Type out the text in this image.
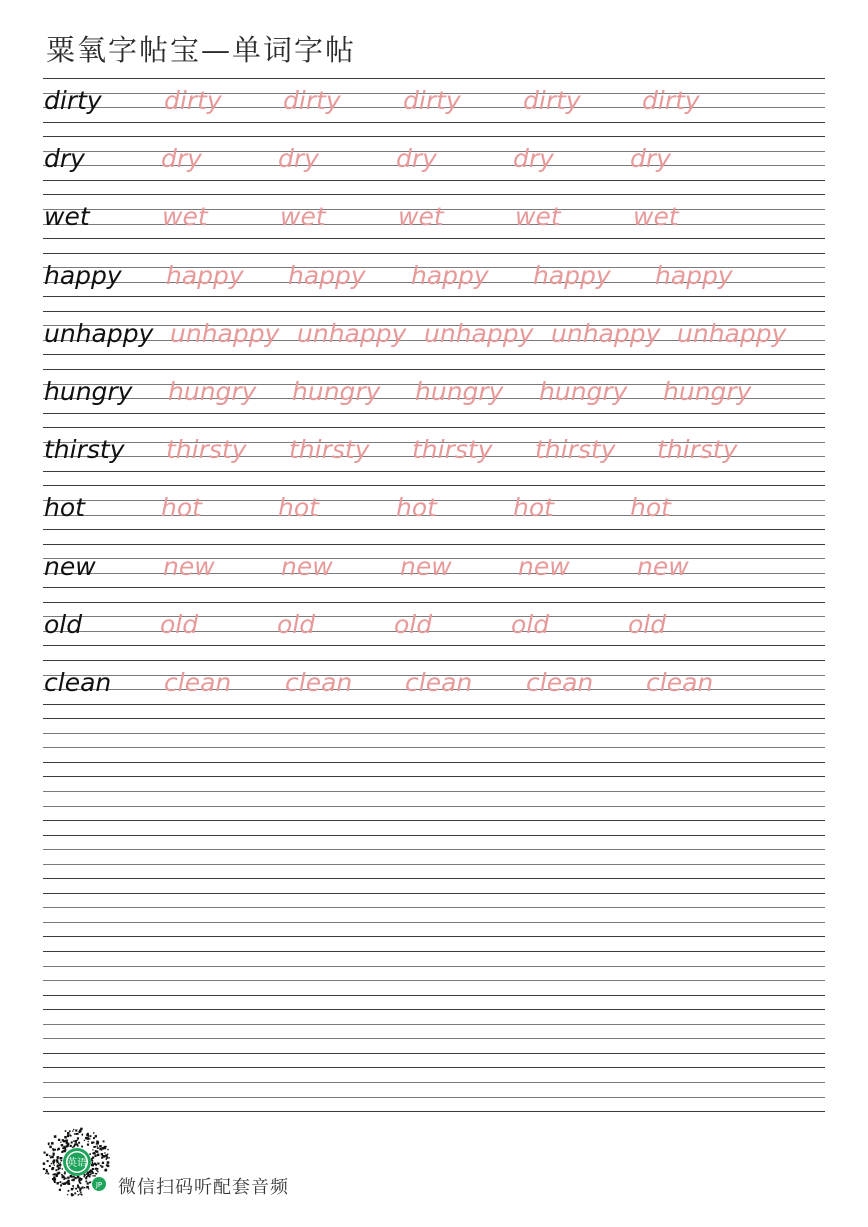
粟氧字帖宝—单词字帖
dirty dirty dirty dirty dirty dirty
dry	dry	dry	dry	dry	dry
wet	wet	wet	wet	wet	wet
happy happy happy happy happy happy
unhappy unhappy unhappy unhappy unhappy unhappy
hungry hungry hungry hungry hungry hungry
thirsty thirsty thirsty thirsty thirsty thirsty
hot	hot	hot	hot	hot	hot
new	new	new	new	new	new
old	old	old	old	old	old
clean clean clean clean clean clean
英语
JP 微信扫码听配套音频
